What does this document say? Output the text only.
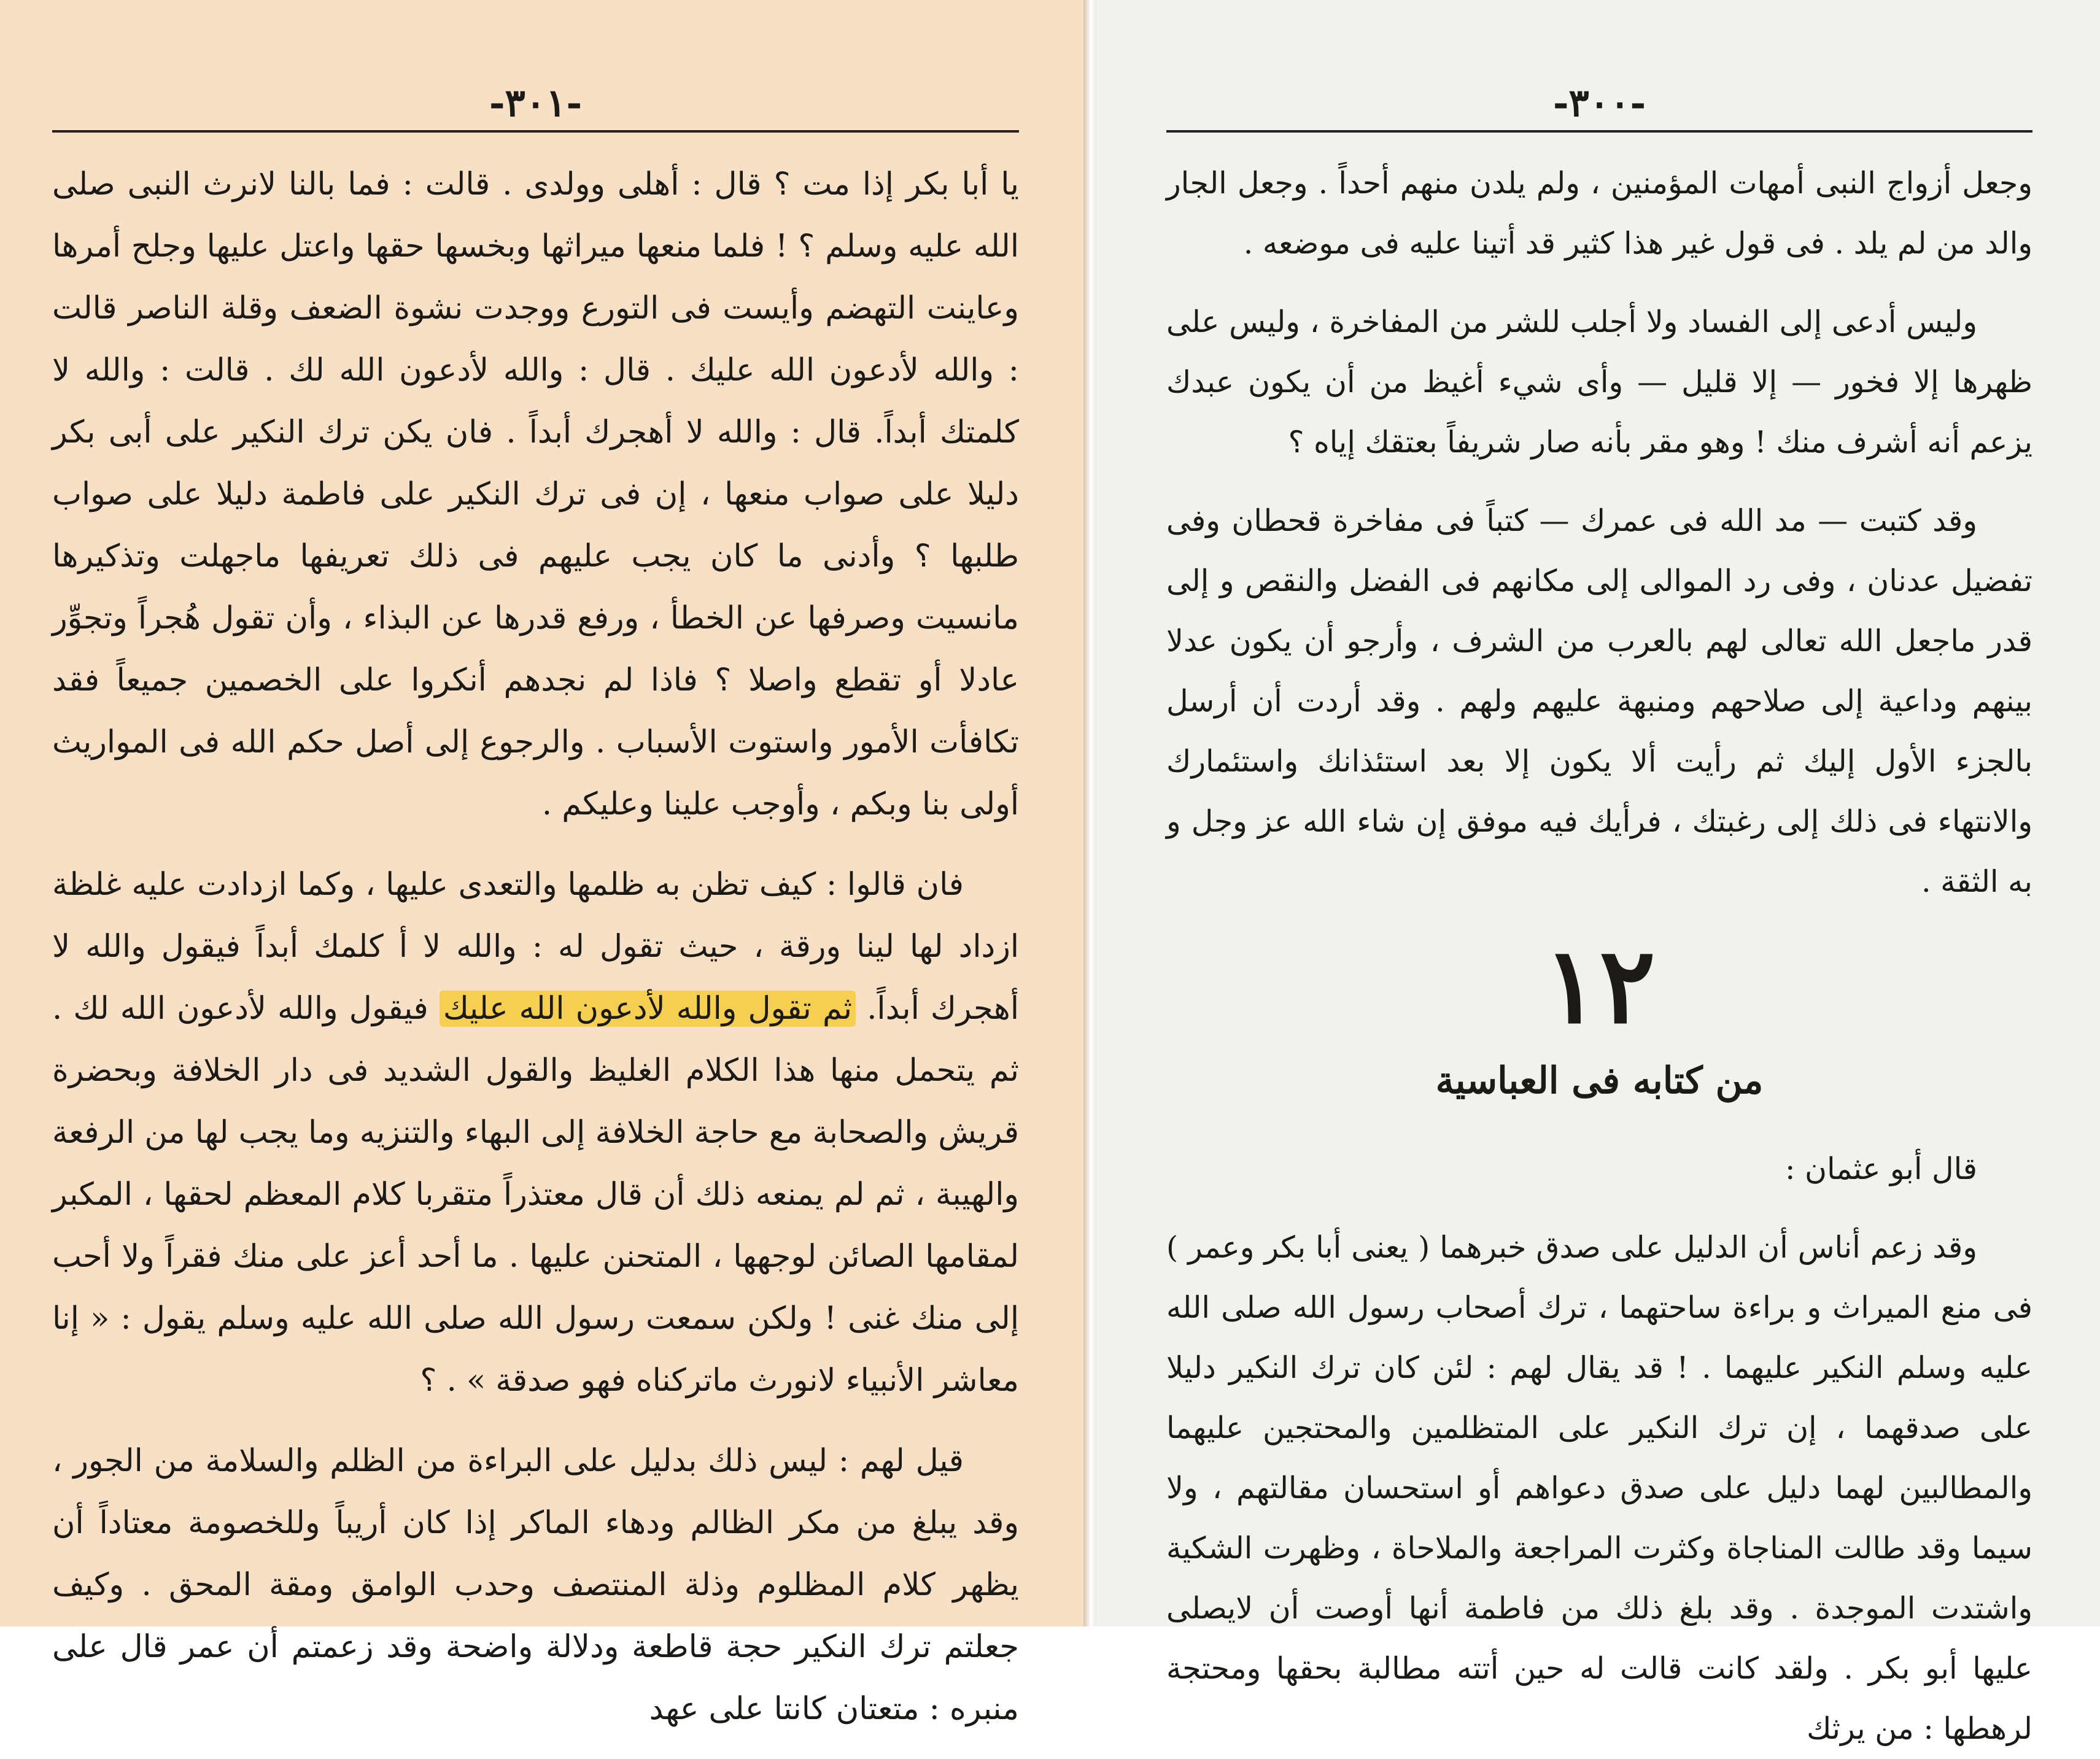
-٣٠١-

يا أبا بكر إذا مت ؟ قال : أهلى وولدى . قالت : فما بالنا لانرث النبى صلى الله عليه وسلم ؟ ! فلما منعها ميراثها وبخسها حقها واعتل عليها وجلح أمرها وعاينت التهضم وأيست فى التورع ووجدت نشوة الضعف وقلة الناصر قالت : والله لأدعون الله عليك . قال : والله لأدعون الله لك . قالت : والله لا كلمتك أبداً. قال : والله لا أهجرك أبداً . فان يكن ترك النكير على أبى بكر دليلا على صواب منعها ، إن فى ترك النكير على فاطمة دليلا على صواب طلبها ؟ وأدنى ما كان يجب عليهم فى ذلك تعريفها ماجهلت وتذكيرها مانسيت وصرفها عن الخطأ ، ورفع قدرها عن البذاء ، وأن تقول هُجراً وتجوِّر عادلا أو تقطع واصلا ؟ فاذا لم نجدهم أنكروا على الخصمين جميعاً فقد تكافأت الأمور واستوت الأسباب . والرجوع إلى أصل حكم الله فى المواريث أولى بنا وبكم ، وأوجب علينا وعليكم .

فان قالوا : كيف تظن به ظلمها والتعدى عليها ، وكما ازدادت عليه غلظة ازداد لها لينا ورقة ، حيث تقول له : والله لا أ كلمك أبداً فيقول والله لا أهجرك أبداً. ثم تقول والله لأدعون الله عليك فيقول والله لأدعون الله لك . ثم يتحمل منها هذا الكلام الغليظ والقول الشديد فى دار الخلافة وبحضرة قريش والصحابة مع حاجة الخلافة إلى البهاء والتنزيه وما يجب لها من الرفعة والهيبة ، ثم لم يمنعه ذلك أن قال معتذراً متقربا كلام المعظم لحقها ، المكبر لمقامها الصائن لوجهها ، المتحنن عليها . ما أحد أعز على منك فقراً ولا أحب إلى منك غنى ! ولكن سمعت رسول الله صلى الله عليه وسلم يقول : « إنا معاشر الأنبياء لانورث ماتركناه فهو صدقة » . ؟

قيل لهم : ليس ذلك بدليل على البراءة من الظلم والسلامة من الجور ، وقد يبلغ من مكر الظالم ودهاء الماكر إذا كان أريباً وللخصومة معتاداً أن يظهر كلام المظلوم وذلة المنتصف وحدب الوامق ومقة المحق . وكيف جعلتم ترك النكير حجة قاطعة ودلالة واضحة وقد زعمتم أن عمر قال على منبره : متعتان كانتا على عهد

-٣٠٠-

وجعل أزواج النبى أمهات المؤمنين ، ولم يلدن منهم أحداً . وجعل الجار والد من لم يلد . فى قول غير هذا كثير قد أتينا عليه فى موضعه .

وليس أدعى إلى الفساد ولا أجلب للشر من المفاخرة ، وليس على ظهرها إلا فخور — إلا قليل — وأى شيء أغيظ من أن يكون عبدك يزعم أنه أشرف منك ! وهو مقر بأنه صار شريفاً بعتقك إياه ؟

وقد كتبت — مد الله فى عمرك — كتباً فى مفاخرة قحطان وفى تفضيل عدنان ، وفى رد الموالى إلى مكانهم فى الفضل والنقص و إلى قدر ماجعل الله تعالى لهم بالعرب من الشرف ، وأرجو أن يكون عدلا بينهم وداعية إلى صلاحهم ومنبهة عليهم ولهم . وقد أردت أن أرسل بالجزء الأول إليك ثم رأيت ألا يكون إلا بعد استئذانك واستئمارك والانتهاء فى ذلك إلى رغبتك ، فرأيك فيه موفق إن شاء الله عز وجل و به الثقة .

١٢
من كتابه فى العباسية

قال أبو عثمان :

وقد زعم أناس أن الدليل على صدق خبرهما ( يعنى أبا بكر وعمر ) فى منع الميراث و براءة ساحتهما ، ترك أصحاب رسول الله صلى الله عليه وسلم النكير عليهما . ! قد يقال لهم : لئن كان ترك النكير دليلا على صدقهما ، إن ترك النكير على المتظلمين والمحتجين عليهما والمطالبين لهما دليل على صدق دعواهم أو استحسان مقالتهم ، ولا سيما وقد طالت المناجاة وكثرت المراجعة والملاحاة ، وظهرت الشكية واشتدت الموجدة . وقد بلغ ذلك من فاطمة أنها أوصت أن لايصلى عليها أبو بكر . ولقد كانت قالت له حين أتته مطالبة بحقها ومحتجة لرهطها : من يرثك
